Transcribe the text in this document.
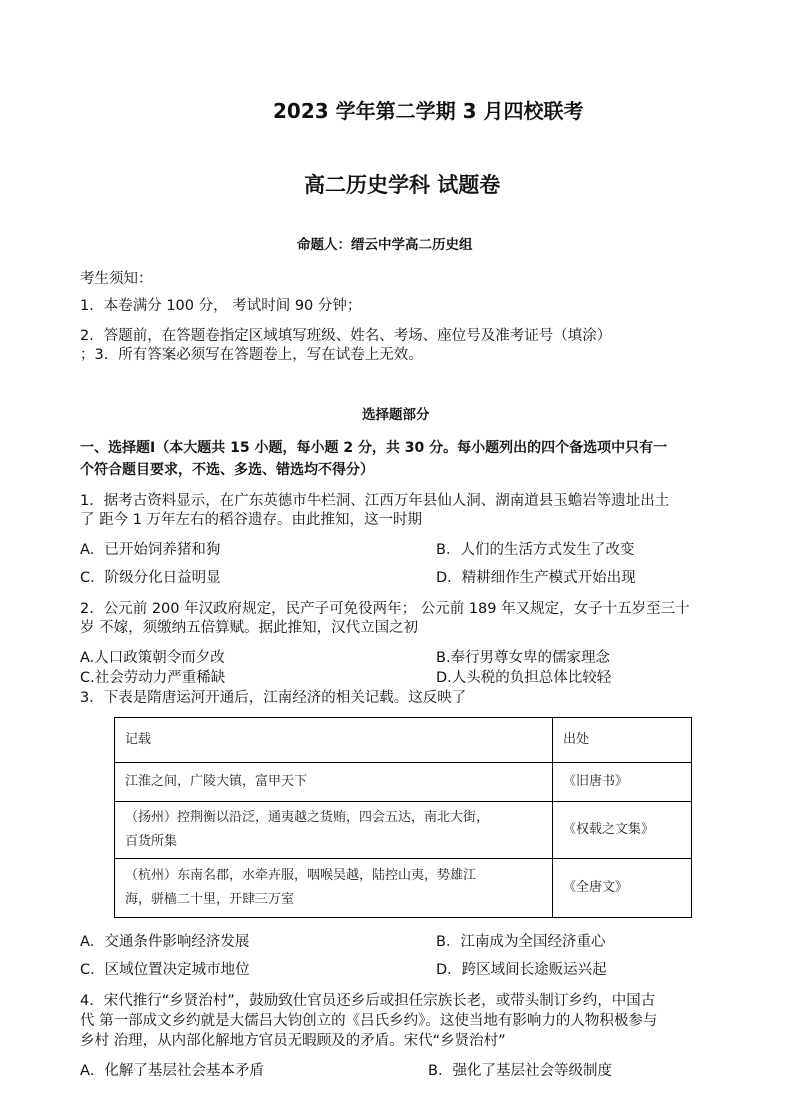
2023 学年第二学期 3 月四校联考
高二历史学科 试题卷
命题人：缙云中学高二历史组
考生须知：
1．本卷满分 100 分， 考试时间 90 分钟；
2．答题前，在答题卷指定区域填写班级、姓名、考场、座位号及准考证号（填涂）
；3．所有答案必须写在答题卷上，写在试卷上无效。
选择题部分
一、选择题Ⅰ（本大题共 15 小题，每小题 2 分，共 30 分。每小题列出的四个备选项中只有一
个符合题目要求，不选、多选、错选均不得分）
1．据考古资料显示，在广东英德市牛栏洞、江西万年县仙人洞、湖南道县玉蟾岩等遗址出土
了 距今 1 万年左右的稻谷遗存。由此推知，这一时期
A．已开始饲养猪和狗	B．人们的生活方式发生了改变
C．阶级分化日益明显	D．精耕细作生产模式开始出现
2．公元前 200 年汉政府规定，民产子可免役两年； 公元前 189 年又规定，女子十五岁至三十
岁 不嫁，须缴纳五倍算赋。据此推知，汉代立国之初
A.人口政策朝令而夕改	B.奉行男尊女卑的儒家理念
C.社会劳动力严重稀缺	D.人头税的负担总体比较轻
3．下表是隋唐运河开通后，江南经济的相关记载。这反映了
记载	出处
江淮之间，广陵大镇，富甲天下	《旧唐书》
（扬州）控荆衡以沿泛，通夷越之货贿，四会五达，南北大街，
百货所集	《权载之文集》
（杭州）东南名郡，水牵卉服，咽喉吴越，陆控山夷，势雄江
海，骈樯二十里，开肆三万室	《全唐文》
A．交通条件影响经济发展	B．江南成为全国经济重心
C．区域位置决定城市地位	D．跨区域间长途贩运兴起
4．宋代推行“乡贤治村”，鼓励致仕官员还乡后或担任宗族长老，或带头制订乡约，中国古
代 第一部成文乡约就是大儒吕大钧创立的《吕氏乡约》。这使当地有影响力的人物积极参与
乡村 治理，从内部化解地方官员无暇顾及的矛盾。宋代“乡贤治村”
A．化解了基层社会基本矛盾	B．强化了基层社会等级制度
